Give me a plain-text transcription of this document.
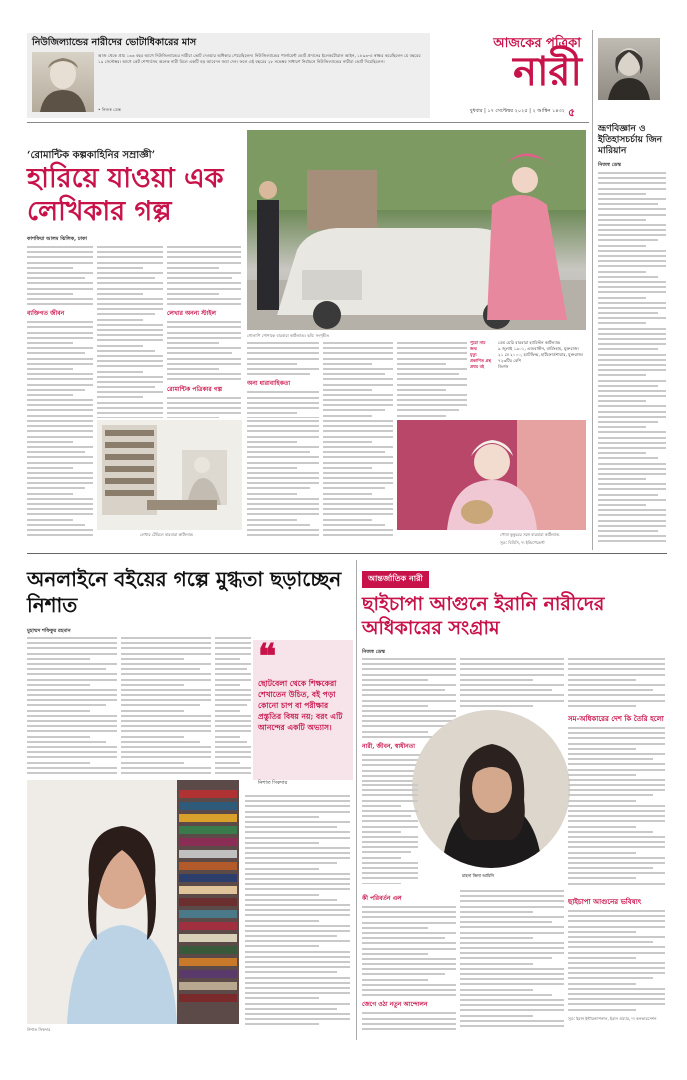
নিউজিল্যান্ডের নারীদের ভোটাধিকারের মাস
আজ থেকে প্রায় ১৩৩ বছর আগে নিউজিল্যান্ডের নারীরা ভোট দেওয়ার অধিকার পেয়েছিলেন। নিউজিল্যান্ডের পার্লামেন্ট ভোট প্রদানের ইলেকটোরাল আইন, ১৮৯৩-এ স্বাক্ষর করেছিলেন যে বছরের ১৯ সেপ্টেম্বর। আগে কেট শেপার্ডসহ অনেক নারী মিলে একটি বড় আবেদন জমা দেন। ফলে এই বছরের ২৮ নভেম্বর সাধারণ নির্বাচনে নিউজিল্যান্ডের নারীরা ভোট দিয়েছিলেন।
• নিজস্ব ডেস্ক
আজকের পত্রিকা
নারী
বুধবার | ১৭ সেপ্টেম্বর ২০২৫ | ২ আশ্বিন ১৪৩২ ৫
ভ্রূণবিজ্ঞান ও ইতিহাসচর্চায় জিন মারিয়ান
নিজস্ব ডেস্ক
‘রোমান্টিক কল্পকাহিনির সম্রাজ্ঞী’
হারিয়ে যাওয়া এক লেখিকার গল্প
কাশফিয়া আলম ঝিলিক, ঢাকা
গোলাপি পোশাকে বারবারা কার্টল্যান্ড। ছবি: সংগৃহীত
পুরো নাম	ডেম মেরি বারবারা হ্যামিল্টন কার্টল্যান্ড
জন্ম	৯ জুলাই ১৯০১, এজবাস্টন, বার্মিংহাম, যুক্তরাজ্য
মৃত্যু	২১ মে ২০০০, হ্যাটফিল্ড, হার্টফোর্ডশায়ার, যুক্তরাজ্য
প্রকাশিত গ্রন্থ	৭২৩টির বেশি
প্রথম বই	জিগস
ব্যক্তিগত জীবন	লেখার অনন্য স্টাইল
রোমান্টিক পত্রিকার গল্প
অন্য ধারাবাহিকতা
লেখার টেবিলে বারবারা কার্টল্যান্ড	পোষা কুকুরের সঙ্গে বারবারা কার্টল্যান্ড
সূত্র: বিবিসি, দ্য ইন্ডিপেন্ডেন্ট
অনলাইনে বইয়ের গল্পে মুগ্ধতা ছড়াচ্ছেন নিশাত
মুহাম্মদ শফিকুর রহমান
❝
ছোটবেলা থেকে শিক্ষকেরা শেখাতেন উচিত, বই পড়া কোনো চাপ বা পরীক্ষার প্রস্তুতির বিষয় নয়; বরং এটি আনন্দের একটি অভ্যাস।
নিশাত সিকদার
নিশাত সিকদার
আন্তর্জাতিক নারী
ছাইচাপা আগুনে ইরানি নারীদের অধিকারের সংগ্রাম
নিজস্ব ডেস্ক
নারী, জীবন, স্বাধীনতা
মাহসা জিনা আমিনি
সম-অধিকারের দেশ কি তৈরি হলো
কী পরিবর্তন এল
জেগে ওঠা নতুন আন্দোলন
ছাইচাপা আগুনের ভবিষ্যৎ
সূত্র: ইরান ইন্টারন্যাশনাল, ইরান ওয়্যার, দ্য কনভারসেশন
